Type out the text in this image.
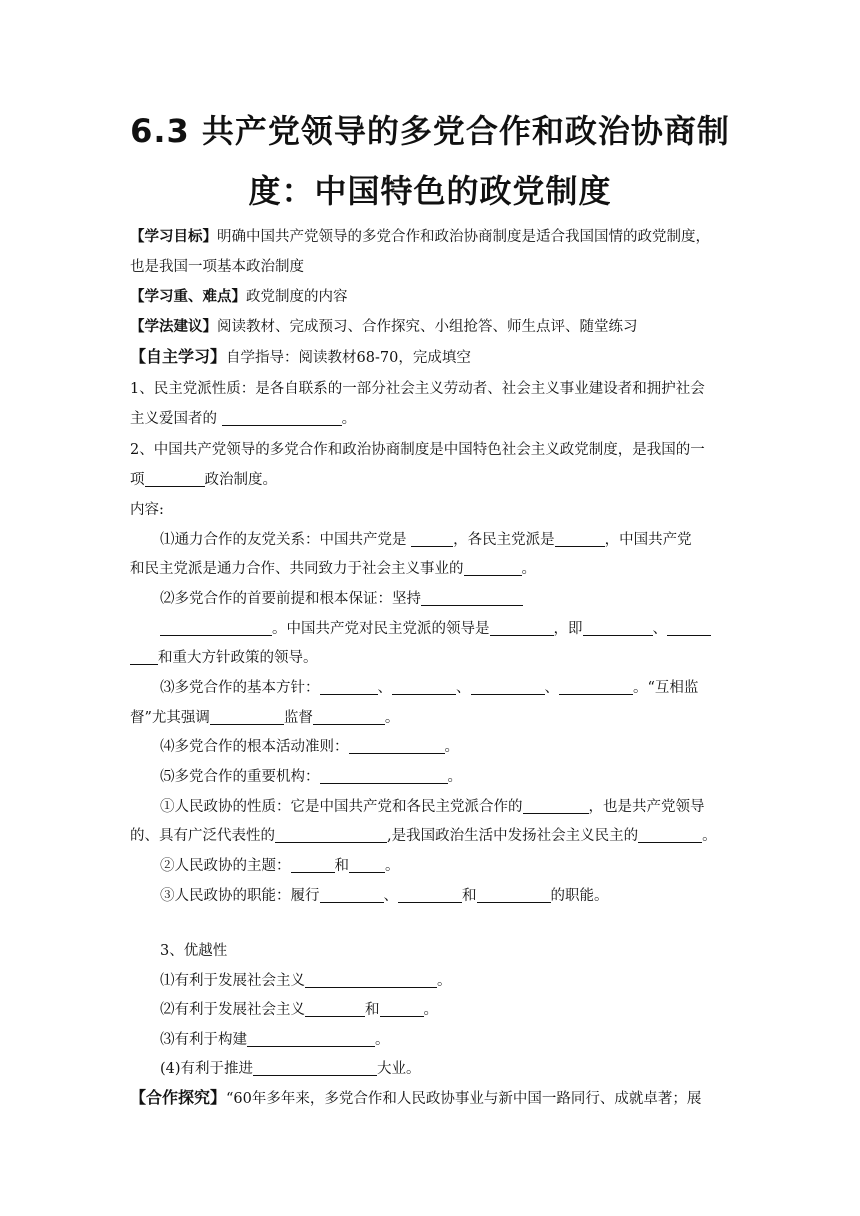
6.3 共产党领导的多党合作和政治协商制
度：中国特色的政党制度
【学习目标】明确中国共产党领导的多党合作和政治协商制度是适合我国国情的政党制度，
也是我国一项基本政治制度
【学习重、难点】政党制度的内容
【学法建议】阅读教材、完成预习、合作探究、小组抢答、师生点评、随堂练习
【自主学习】自学指导：阅读教材68-70，完成填空
1、民主党派性质：是各自联系的一部分社会主义劳动者、社会主义事业建设者和拥护社会
主义爱国者的	。
2、中国共产党领导的多党合作和政治协商制度是中国特色社会主义政党制度，是我国的一
项	政治制度。
内容:
⑴通力合作的友党关系：中国共产党是	，各民主党派是	，中国共产党
和民主党派是通力合作、共同致力于社会主义事业的	。
⑵多党合作的首要前提和根本保证：坚持
。中国共产党对民主党派的领导是	，即	、
和重大方针政策的领导。
⑶多党合作的基本方针：	、	、	、	。“互相监
督”尤其强调	监督	。
⑷多党合作的根本活动准则：	。
⑸多党合作的重要机构：	。
①人民政协的性质：它是中国共产党和各民主党派合作的	，也是共产党领导
的、具有广泛代表性的	,是我国政治生活中发扬社会主义民主的	。
②人民政协的主题：	和 。
③人民政协的职能：履行	、	和	的职能。
3、优越性
⑴有利于发展社会主义	。
⑵有利于发展社会主义	和	。
⑶有利于构建	。
(4)有利于推进	大业。
【合作探究】“60年多年来，多党合作和人民政协事业与新中国一路同行、成就卓著；展
